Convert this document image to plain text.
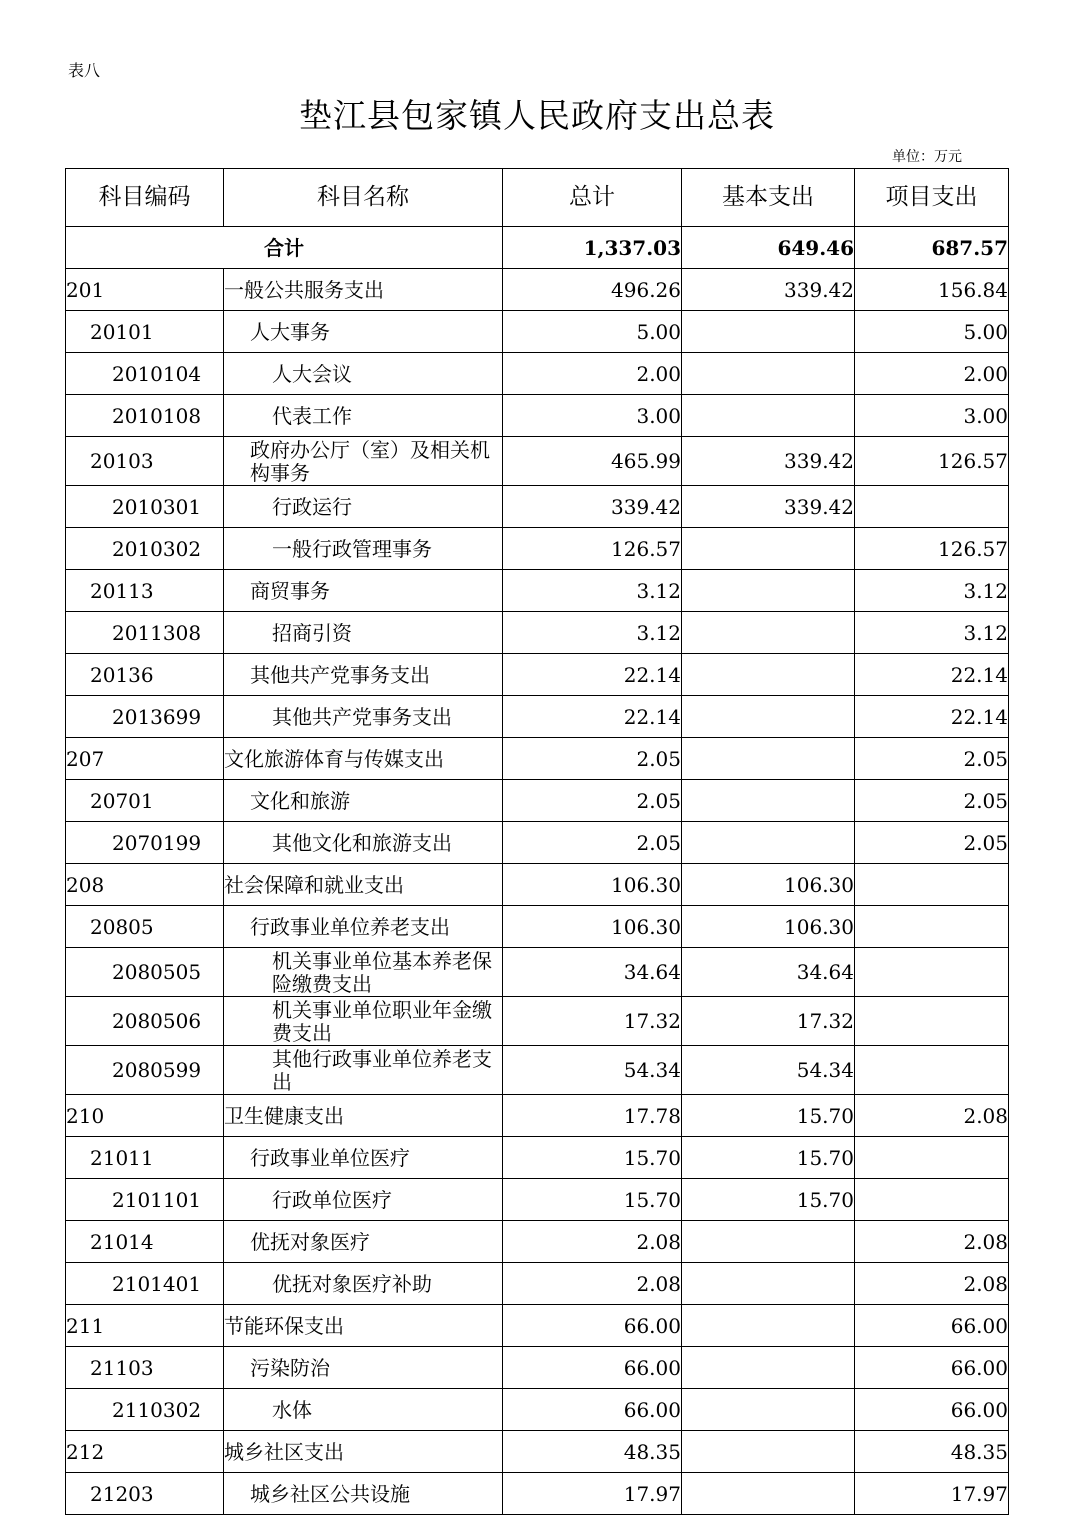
表八
垫江县包家镇人民政府支出总表
单位：万元
科目编码	科目名称	总计	基本支出	项目支出
合计		1,337.03	649.46	687.57
201	一般公共服务支出	496.26	339.42	156.84
20101	人大事务	5.00		5.00
2010104	人大会议	2.00		2.00
2010108	代表工作	3.00		3.00
20103	政府办公厅（室）及相关机构事务	465.99	339.42	126.57
2010301	行政运行	339.42	339.42	
2010302	一般行政管理事务	126.57		126.57
20113	商贸事务	3.12		3.12
2011308	招商引资	3.12		3.12
20136	其他共产党事务支出	22.14		22.14
2013699	其他共产党事务支出	22.14		22.14
207	文化旅游体育与传媒支出	2.05		2.05
20701	文化和旅游	2.05		2.05
2070199	其他文化和旅游支出	2.05		2.05
208	社会保障和就业支出	106.30	106.30	
20805	行政事业单位养老支出	106.30	106.30	
2080505	机关事业单位基本养老保险缴费支出	34.64	34.64	
2080506	机关事业单位职业年金缴费支出	17.32	17.32	
2080599	其他行政事业单位养老支出	54.34	54.34	
210	卫生健康支出	17.78	15.70	2.08
21011	行政事业单位医疗	15.70	15.70	
2101101	行政单位医疗	15.70	15.70	
21014	优抚对象医疗	2.08		2.08
2101401	优抚对象医疗补助	2.08		2.08
211	节能环保支出	66.00		66.00
21103	污染防治	66.00		66.00
2110302	水体	66.00		66.00
212	城乡社区支出	48.35		48.35
21203	城乡社区公共设施	17.97		17.97
